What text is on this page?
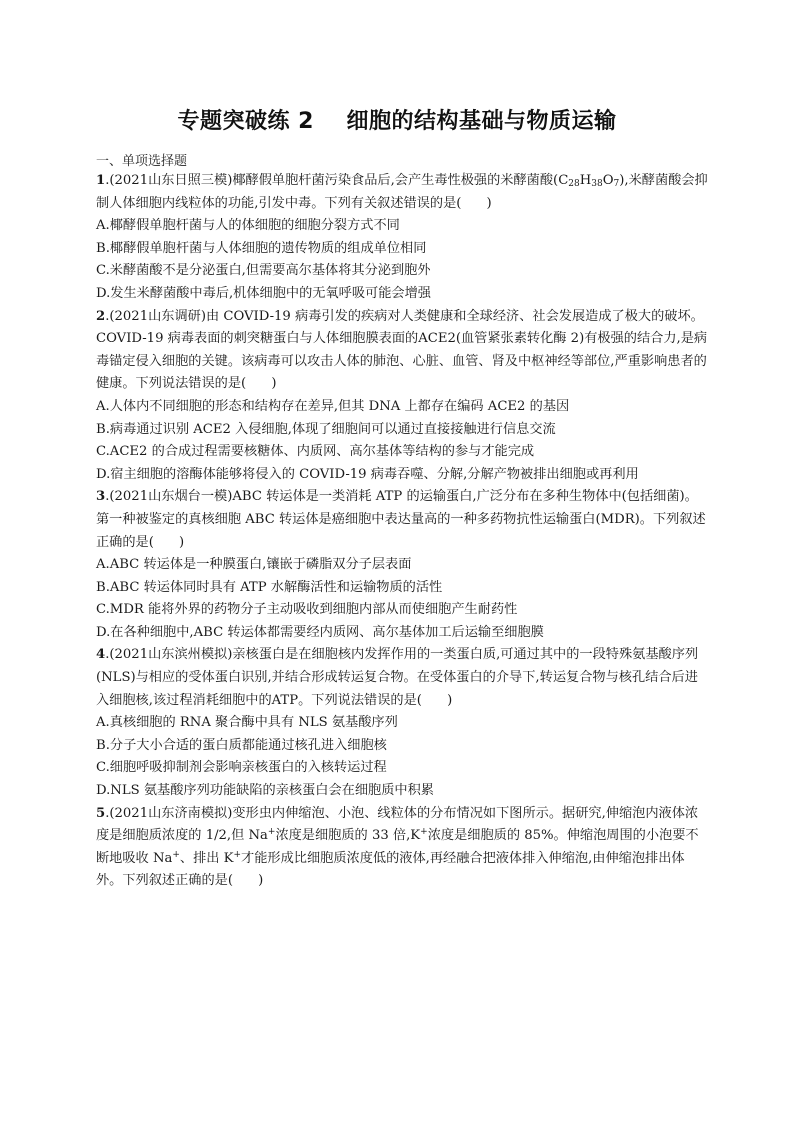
专题突破练 2    细胞的结构基础与物质运输
一、单项选择题

1.(2021山东日照三模)椰酵假单胞杆菌污染食品后,会产生毒性极强的米酵菌酸$(C_{28}H_{38}O_7)$,米酵菌酸会抑制人体细胞内线粒体的功能,引发中毒。下列有关叙述错误的是(      )

A.椰酵假单胞杆菌与人的体细胞的细胞分裂方式不同

B.椰酵假单胞杆菌与人体细胞的遗传物质的组成单位相同

C.米酵菌酸不是分泌蛋白,但需要高尔基体将其分泌到胞外

D.发生米酵菌酸中毒后,机体细胞中的无氧呼吸可能会增强

2.(2021山东调研)由 COVID-19 病毒引发的疾病对人类健康和全球经济、社会发展造成了极大的破坏。COVID-19 病毒表面的刺突糖蛋白与人体细胞膜表面的ACE2(血管紧张素转化酶 2)有极强的结合力,是病毒锚定侵入细胞的关键。该病毒可以攻击人体的肺泡、心脏、血管、肾及中枢神经等部位,严重影响患者的健康。下列说法错误的是(      )

A.人体内不同细胞的形态和结构存在差异,但其 DNA 上都存在编码 ACE2 的基因

B.病毒通过识别 ACE2 入侵细胞,体现了细胞间可以通过直接接触进行信息交流

C.ACE2 的合成过程需要核糖体、内质网、高尔基体等结构的参与才能完成

D.宿主细胞的溶酶体能够将侵入的 COVID-19 病毒吞噬、分解,分解产物被排出细胞或再利用

3.(2021山东烟台一模)ABC 转运体是一类消耗 ATP 的运输蛋白,广泛分布在多种生物体中(包括细菌)。第一种被鉴定的真核细胞 ABC 转运体是癌细胞中表达量高的一种多药物抗性运输蛋白(MDR)。下列叙述正确的是(      )

A.ABC 转运体是一种膜蛋白,镶嵌于磷脂双分子层表面

B.ABC 转运体同时具有 ATP 水解酶活性和运输物质的活性

C.MDR 能将外界的药物分子主动吸收到细胞内部从而使细胞产生耐药性

D.在各种细胞中,ABC 转运体都需要经内质网、高尔基体加工后运输至细胞膜

4.(2021山东滨州模拟)亲核蛋白是在细胞核内发挥作用的一类蛋白质,可通过其中的一段特殊氨基酸序列(NLS)与相应的受体蛋白识别,并结合形成转运复合物。在受体蛋白的介导下,转运复合物与核孔结合后进入细胞核,该过程消耗细胞中的ATP。下列说法错误的是(      )

A.真核细胞的 RNA 聚合酶中具有 NLS 氨基酸序列

B.分子大小合适的蛋白质都能通过核孔进入细胞核

C.细胞呼吸抑制剂会影响亲核蛋白的入核转运过程

D.NLS 氨基酸序列功能缺陷的亲核蛋白会在细胞质中积累

5.(2021山东济南模拟)变形虫内伸缩泡、小泡、线粒体的分布情况如下图所示。据研究,伸缩泡内液体浓度是细胞质浓度的 1/2,但 Na+浓度是细胞质的 33 倍,K+浓度是细胞质的 85%。伸缩泡周围的小泡要不断地吸收 Na+、排出 K+才能形成比细胞质浓度低的液体,再经融合把液体排入伸缩泡,由伸缩泡排出体外。下列叙述正确的是(      )
